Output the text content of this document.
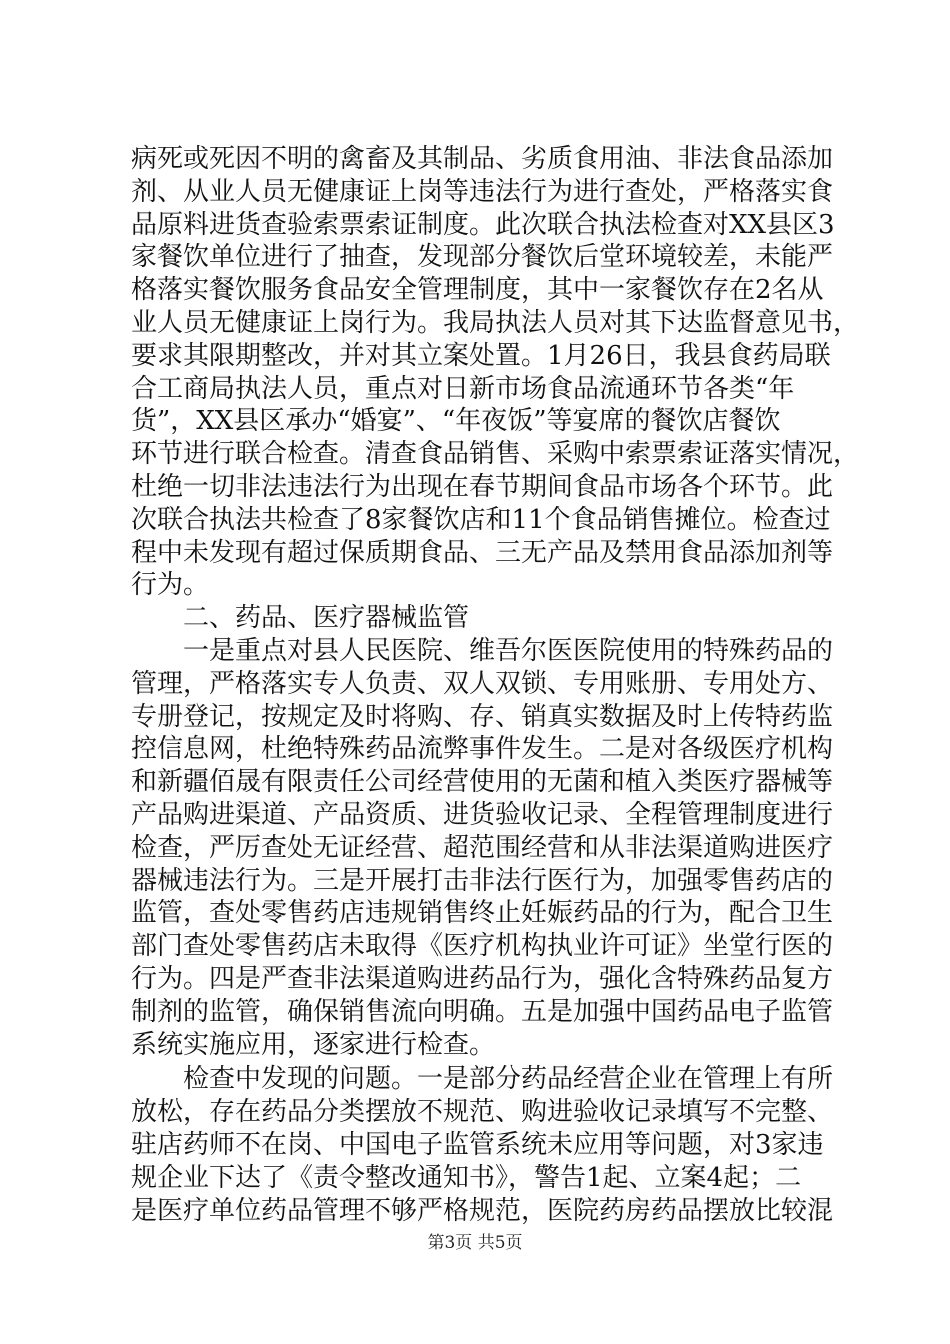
病死或死因不明的禽畜及其制品、劣质食用油、非法食品添加
剂、从业人员无健康证上岗等违法行为进行查处，严格落实食
品原料进货查验索票索证制度。此次联合执法检查对XX县区3
家餐饮单位进行了抽查，发现部分餐饮后堂环境较差，未能严
格落实餐饮服务食品安全管理制度，其中一家餐饮存在2名从
业人员无健康证上岗行为。我局执法人员对其下达监督意见书，
要求其限期整改，并对其立案处置。1月26日，我县食药局联
合工商局执法人员，重点对日新市场食品流通环节各类“年
货”，XX县区承办“婚宴”、“年夜饭”等宴席的餐饮店餐饮
环节进行联合检查。清查食品销售、采购中索票索证落实情况，
杜绝一切非法违法行为出现在春节期间食品市场各个环节。此
次联合执法共检查了8家餐饮店和11个食品销售摊位。检查过
程中未发现有超过保质期食品、三无产品及禁用食品添加剂等
行为。
　　二、药品、医疗器械监管
　　一是重点对县人民医院、维吾尔医医院使用的特殊药品的
管理，严格落实专人负责、双人双锁、专用账册、专用处方、
专册登记，按规定及时将购、存、销真实数据及时上传特药监
控信息网，杜绝特殊药品流弊事件发生。二是对各级医疗机构
和新疆佰晟有限责任公司经营使用的无菌和植入类医疗器械等
产品购进渠道、产品资质、进货验收记录、全程管理制度进行
检查，严厉查处无证经营、超范围经营和从非法渠道购进医疗
器械违法行为。三是开展打击非法行医行为，加强零售药店的
监管，查处零售药店违规销售终止妊娠药品的行为，配合卫生
部门查处零售药店未取得《医疗机构执业许可证》坐堂行医的
行为。四是严查非法渠道购进药品行为，强化含特殊药品复方
制剂的监管，确保销售流向明确。五是加强中国药品电子监管
系统实施应用，逐家进行检查。
　　检查中发现的问题。一是部分药品经营企业在管理上有所
放松，存在药品分类摆放不规范、购进验收记录填写不完整、
驻店药师不在岗、中国电子监管系统未应用等问题，对3家违
规企业下达了《责令整改通知书》，警告1起、立案4起；二
是医疗单位药品管理不够严格规范，医院药房药品摆放比较混
第3页 共5页
